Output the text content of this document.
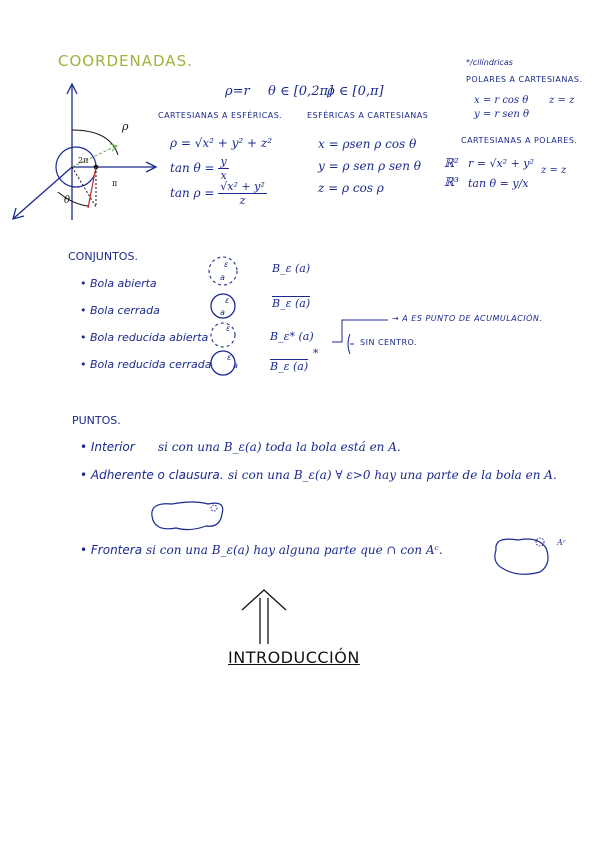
COORDENADAS.
ρ=r θ ∈ [0,2π]
ρ ∈ [0,π]
ρ
2π
π
θ
CARTESIANAS A ESFÉRICAS.
ρ = √x² + y² + z²
$\tan \theta = \frac{y}{x}$
$\tan \rho = \frac{\text{√x² + y²}}{z}$
ESFÉRICAS A CARTESIANAS
x = ρsen ρ cos θ
y = ρ sen ρ sen θ
z = ρ cos ρ
*/cilíndricas
POLARES A CARTESIANAS.
x = r cos θ z = z
y = r sen θ
CARTESIANAS A POLARES.
ℝ² r = √x² + y²
z = z
ℝ³ tan θ = y/x
CONJUNTOS.
• Bola abierta
• Bola cerrada
• Bola reducida abierta
• Bola reducida cerrada
ε
a
ε
a
ε
ε
a
B_ε (a)
B_ε (a)
B_ε* (a)
B_ε (a)
*
→ A ES PUNTO DE ACUMULACIÓN.
SIN CENTRO.
PUNTOS.
• Interior si con una B_ε(a) toda la bola está en A.
• Adherente o clausura. si con una B_ε(a) ∀ ε>0 hay una parte de la bola en A.
• Frontera si con una B_ε(a) hay alguna parte que ∩ con Aᶜ.
Aᶜ
INTRODUCCIÓN
